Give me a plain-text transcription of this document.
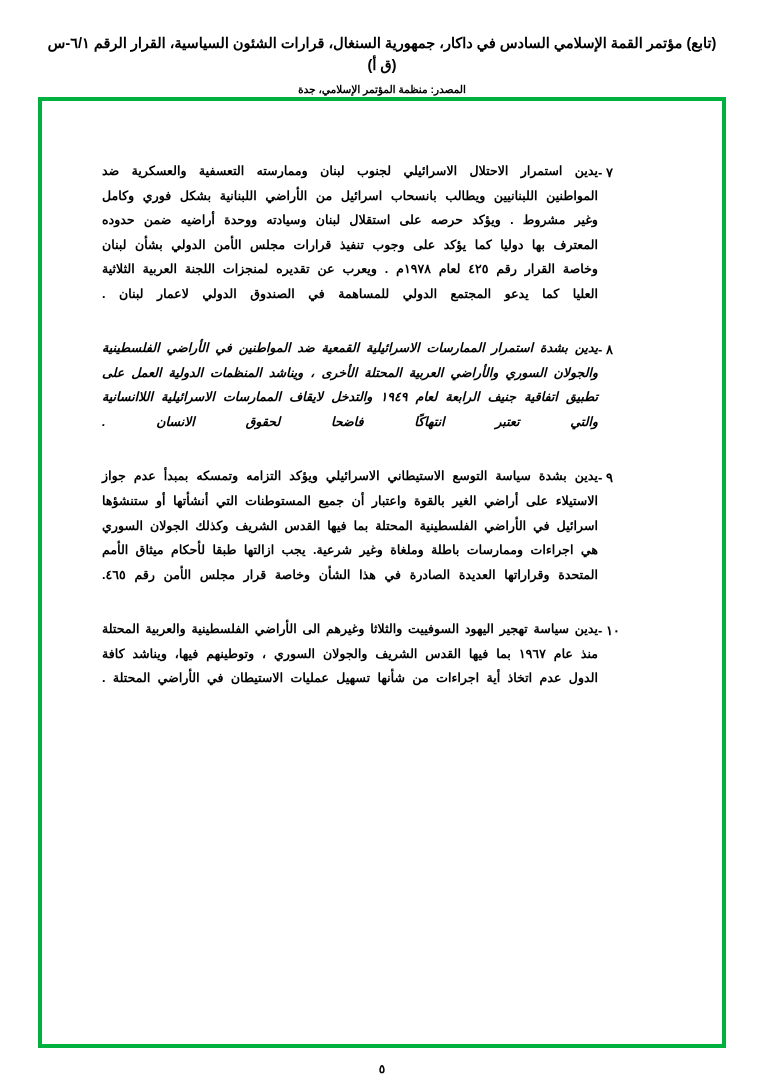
(تابع) مؤتمر القمة الإسلامي السادس في داكار، جمهورية السنغال، قرارات الشئون السياسية، القرار الرقم ٦/١-س (ق أ)
المصدر: منظمة المؤتمر الإسلامي، جدة
٧ -
يدين استمرار الاحتلال الاسرائيلي لجنوب لبنان وممارسته التعسفية والعسكرية ضد المواطنين اللبنانيين ويطالب بانسحاب اسرائيل من الأراضي اللبنانية بشكل فوري وكامل وغير مشروط . ويؤكد حرصه على استقلال لبنان وسيادته ووحدة أراضيه ضمن حدوده المعترف بها دوليا كما يؤكد على وجوب تنفيذ قرارات مجلس الأمن الدولي بشأن لبنان وخاصة القرار رقم ٤٢٥ لعام ١٩٧٨م . ويعرب عن تقديره لمنجزات اللجنة العربية الثلاثية العليا كما يدعو المجتمع الدولي للمساهمة في الصندوق الدولي لاعمار لبنان .
٨ -
يدين بشدة استمرار الممارسات الاسرائيلية القمعية ضد المواطنين في الأراضي الفلسطينية والجولان السوري والأراضي العربية المحتلة الأخرى ، ويناشد المنظمات الدولية العمل على تطبيق اتفاقية جنيف الرابعة لعام ١٩٤٩ والتدخل لايقاف الممارسات الاسرائيلية اللاانسانية والتي تعتبر انتهاكًا فاضحا لحقوق الانسان .
٩ -
يدين بشدة سياسة التوسع الاستيطاني الاسرائيلي ويؤكد التزامه وتمسكه بمبدأ عدم جواز الاستيلاء على أراضي الغير بالقوة واعتبار أن جميع المستوطنات التي أنشأتها أو ستنشؤها اسرائيل في الأراضي الفلسطينية المحتلة بما فيها القدس الشريف وكذلك الجولان السوري هي اجراءات وممارسات باطلة وملغاة وغير شرعية. يجب ازالتها طبقا لأحكام ميثاق الأمم المتحدة وقراراتها العديدة الصادرة في هذا الشأن وخاصة قرار مجلس الأمن رقم ٤٦٥.
١٠ -
يدين سياسة تهجير اليهود السوفييت والثلاثا وغيرهم الى الأراضي الفلسطينية والعربية المحتلة منذ عام ١٩٦٧ بما فيها القدس الشريف والجولان السوري ، وتوطينهم فيها، ويناشد كافة الدول عدم اتخاذ أية اجراءات من شأنها تسهيل عمليات الاستيطان في الأراضي المحتلة .
٥
